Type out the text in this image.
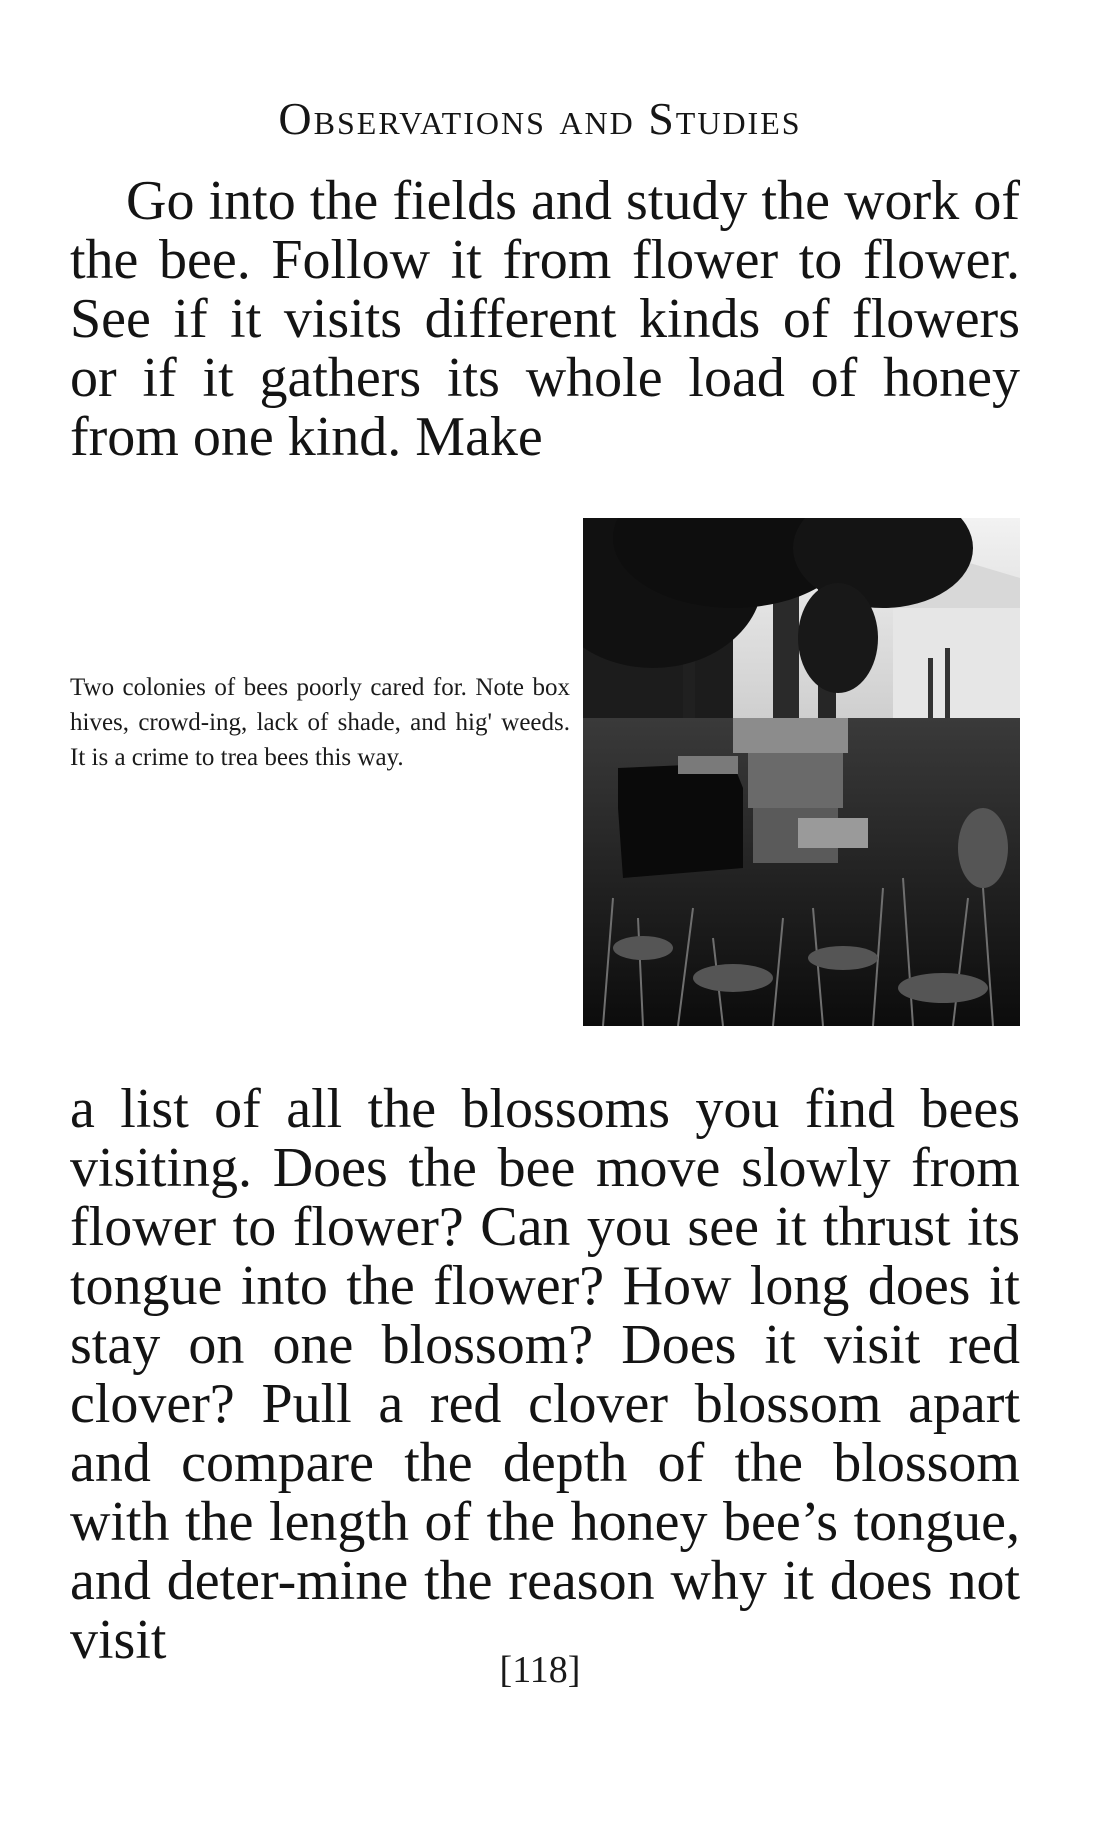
Observations and Studies
Go into the fields and study the work of the bee. Follow it from flower to flower. See if it visits different kinds of flowers or if it gathers its whole load of honey from one kind. Make
Two colonies of bees poorly cared for. Note box hives, crowd-ing, lack of shade, and hig' weeds. It is a crime to trea bees this way.
a list of all the blossoms you find bees visiting. Does the bee move slowly from flower to flower? Can you see it thrust its tongue into the flower? How long does it stay on one blossom? Does it visit red clover? Pull a red clover blossom apart and compare the depth of the blossom with the length of the honey bee’s tongue, and deter-mine the reason why it does not visit	[118]
